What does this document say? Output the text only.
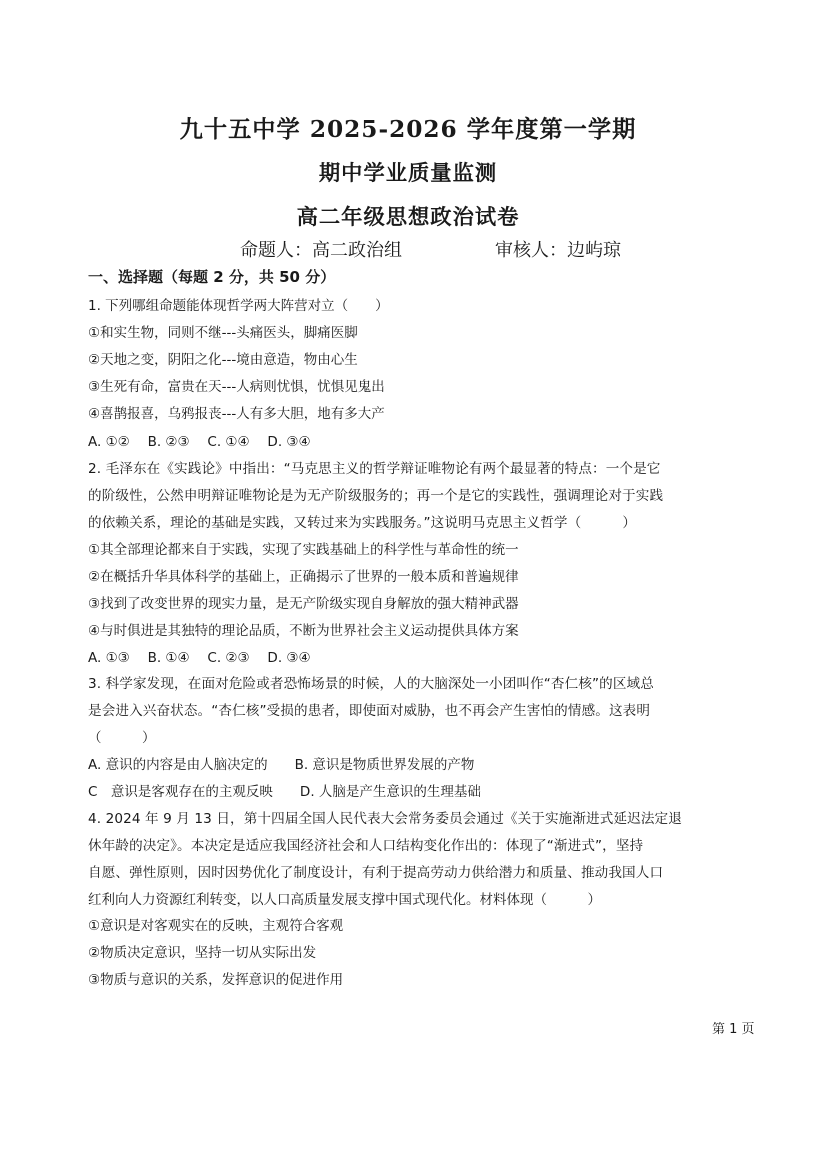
九十五中学 2025-2026 学年度第一学期
期中学业质量监测
高二年级思想政治试卷
命题人：高二政治组	审核人：边屿琼
一、选择题（每题 2 分，共 50 分）
1. 下列哪组命题能体现哲学两大阵营对立（　　）
①和实生物，同则不继---头痛医头，脚痛医脚
②天地之变，阴阳之化---境由意造，物由心生
③生死有命，富贵在天---人病则忧惧，忧惧见鬼出
④喜鹊报喜，乌鸦报丧---人有多大胆，地有多大产
A. ①②　 B. ②③　 C. ①④　 D. ③④
2. 毛泽东在《实践论》中指出：“马克思主义的哲学辩证唯物论有两个最显著的特点：一个是它
的阶级性，公然申明辩证唯物论是为无产阶级服务的；再一个是它的实践性，强调理论对于实践
的依赖关系，理论的基础是实践，又转过来为实践服务。”这说明马克思主义哲学（　　　）
①其全部理论都来自于实践，实现了实践基础上的科学性与革命性的统一
②在概括升华具体科学的基础上，正确揭示了世界的一般本质和普遍规律
③找到了改变世界的现实力量，是无产阶级实现自身解放的强大精神武器
④与时俱进是其独特的理论品质，不断为世界社会主义运动提供具体方案
A. ①③　 B. ①④　 C. ②③　 D. ③④
3. 科学家发现，在面对危险或者恐怖场景的时候，人的大脑深处一小团叫作“杏仁核”的区域总
是会进入兴奋状态。“杏仁核”受损的患者，即使面对威胁，也不再会产生害怕的情感。这表明
（　　　）
A. 意识的内容是由人脑决定的　　B. 意识是物质世界发展的产物
C　意识是客观存在的主观反映　　D. 人脑是产生意识的生理基础
4. 2024 年 9 月 13 日，第十四届全国人民代表大会常务委员会通过《关于实施渐进式延迟法定退
休年龄的决定》。本决定是适应我国经济社会和人口结构变化作出的：体现了“渐进式”，坚持
自愿、弹性原则，因时因势优化了制度设计，有利于提高劳动力供给潜力和质量、推动我国人口
红利向人力资源红利转变，以人口高质量发展支撑中国式现代化。材料体现（　　　）
①意识是对客观实在的反映，主观符合客观
②物质决定意识，坚持一切从实际出发
③物质与意识的关系，发挥意识的促进作用
第 1 页
